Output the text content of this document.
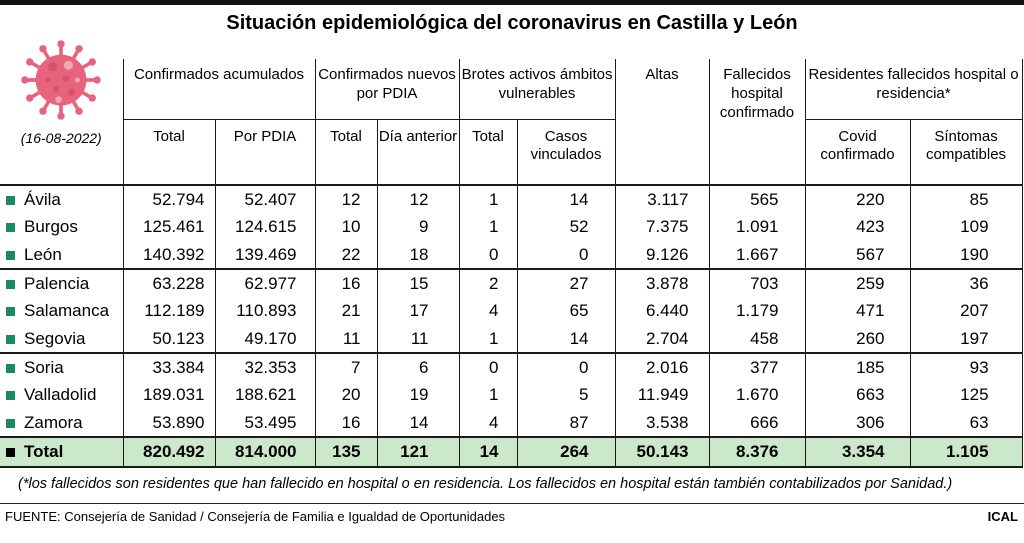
Situación epidemiológica del coronavirus en Castilla y León
(16-08-2022)	Confirmados acumulados		Confirmados nuevos por PDIA		Brotes activos ámbitos vulnerables		Altas	Fallecidos hospital confirmado	Residentes fallecidos hospital o residencia*	
	Total	Por PDIA	Total	Día anterior	Total	Casos vinculados			Covid confirmado	Síntomas compatibles
Ávila	52.794	52.407	12	12	1	14	3.117	565	220	85
Burgos	125.461	124.615	10	9	1	52	7.375	1.091	423	109
León	140.392	139.469	22	18	0	0	9.126	1.667	567	190
Palencia	63.228	62.977	16	15	2	27	3.878	703	259	36
Salamanca	112.189	110.893	21	17	4	65	6.440	1.179	471	207
Segovia	50.123	49.170	11	11	1	14	2.704	458	260	197
Soria	33.384	32.353	7	6	0	0	2.016	377	185	93
Valladolid	189.031	188.621	20	19	1	5	11.949	1.670	663	125
Zamora	53.890	53.495	16	14	4	87	3.538	666	306	63
Total	820.492	814.000	135	121	14	264	50.143	8.376	3.354	1.105
(*los fallecidos son residentes que han fallecido en hospital o en residencia. Los fallecidos en hospital están también contabilizados por Sanidad.)
FUENTE: Consejería de Sanidad / Consejería de Familia e Igualdad de Oportunidades	ICAL
